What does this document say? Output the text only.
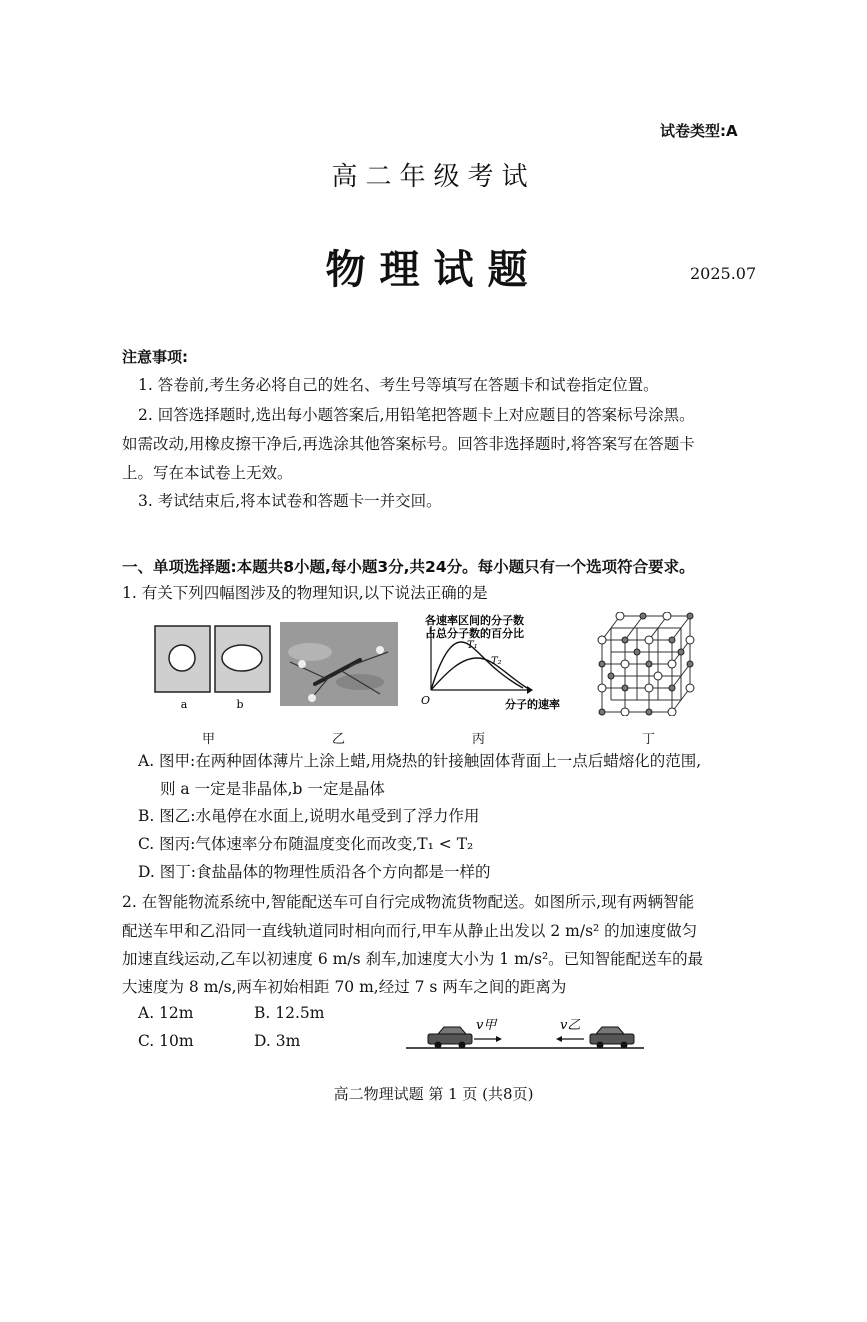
试卷类型:A
高二年级考试
物理试题	2025.07
注意事项:
1. 答卷前,考生务必将自己的姓名、考生号等填写在答题卡和试卷指定位置。
2. 回答选择题时,选出每小题答案后,用铅笔把答题卡上对应题目的答案标号涂黑。
如需改动,用橡皮擦干净后,再选涂其他答案标号。回答非选择题时,将答案写在答题卡
上。写在本试卷上无效。
3. 考试结束后,将本试卷和答题卡一并交回。
一、单项选择题:本题共8小题,每小题3分,共24分。每小题只有一个选项符合要求。
1. 有关下列四幅图涉及的物理知识,以下说法正确的是
a	b
甲	乙
各速率区间的分子数
占总分子数的百分比
T₁
T₂
O	分子的速率
丙	丁
A. 图甲:在两种固体薄片上涂上蜡,用烧热的针接触固体背面上一点后蜡熔化的范围,
则 a 一定是非晶体,b 一定是晶体
B. 图乙:水黾停在水面上,说明水黾受到了浮力作用
C. 图丙:气体速率分布随温度变化而改变,T₁ < T₂
D. 图丁:食盐晶体的物理性质沿各个方向都是一样的
2. 在智能物流系统中,智能配送车可自行完成物流货物配送。如图所示,现有两辆智能
配送车甲和乙沿同一直线轨道同时相向而行,甲车从静止出发以 2 m/s² 的加速度做匀
加速直线运动,乙车以初速度 6 m/s 刹车,加速度大小为 1 m/s²。已知智能配送车的最
大速度为 8 m/s,两车初始相距 70 m,经过 7 s 两车之间的距离为
A. 12m	B. 12.5m
C. 10m	D. 3m
v甲	v乙
高二物理试题 第 1 页 (共8页)
